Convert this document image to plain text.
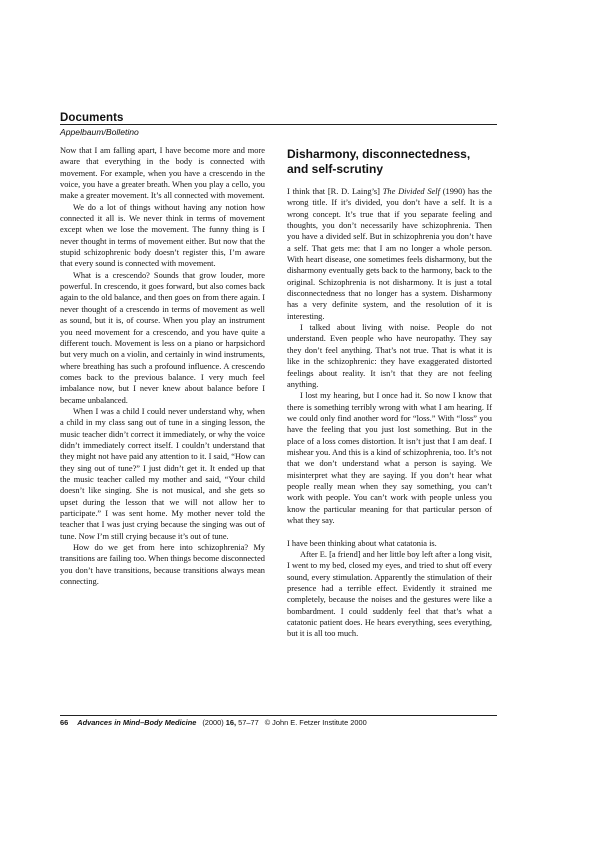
Documents
Appelbaum/Bolletino

Now that I am falling apart, I have become more and more aware that everything in the body is connected with movement. For example, when you have a crescendo in the voice, you have a greater breath. When you play a cello, you make a greater movement. It’s all connected with movement.

We do a lot of things without having any notion how connected it all is. We never think in terms of movement except when we lose the movement. The funny thing is I never thought in terms of movement either. But now that the stupid schizophrenic body doesn’t register this, I’m aware that every sound is connected with movement.

What is a crescendo? Sounds that grow louder, more powerful. In crescendo, it goes forward, but also comes back again to the old balance, and then goes on from there again. I never thought of a crescendo in terms of movement as well as sound, but it is, of course. When you play an instrument you need movement for a crescendo, and you have quite a different touch. Movement is less on a piano or harpsichord but very much on a violin, and certainly in wind instruments, where breathing has such a profound influence. A crescendo comes back to the previous balance. I very much feel imbalance now, but I never knew about balance before I became unbalanced.

When I was a child I could never understand why, when a child in my class sang out of tune in a singing lesson, the music teacher didn’t correct it immediately, or why the voice didn’t immediately correct itself. I couldn’t understand that they might not have paid any attention to it. I said, “How can they sing out of tune?” I just didn’t get it. It ended up that the music teacher called my mother and said, “Your child doesn’t like singing. She is not musical, and she gets so upset during the lesson that we will not allow her to participate.” I was sent home. My mother never told the teacher that I was just crying because the singing was out of tune. Now I’m still crying because it’s out of tune.

How do we get from here into schizophrenia? My transitions are failing too. When things become disconnected you don’t have transitions, because transitions always mean connecting.

Disharmony, disconnectedness, and self-scrutiny

I think that [R. D. Laing’s] The Divided Self (1990) has the wrong title. If it’s divided, you don’t have a self. It is a wrong concept. It’s true that if you separate feeling and thoughts, you don’t necessarily have schizophrenia. Then you have a divided self. But in schizophrenia you don’t have a self. That gets me: that I am no longer a whole person. With heart disease, one sometimes feels disharmony, but the disharmony eventually gets back to the harmony, back to the original. Schizophrenia is not disharmony. It is just a total disconnectedness that no longer has a system. Disharmony has a very definite system, and the resolution of it is interesting.

I talked about living with noise. People do not understand. Even people who have neuropathy. They say they don’t feel anything. That’s not true. That is what it is like in the schizophrenic: they have exaggerated distorted feelings about reality. It isn’t that they are not feeling anything.

I lost my hearing, but I once had it. So now I know that there is something terribly wrong with what I am hearing. If we could only find another word for “loss.” With “loss” you have the feeling that you just lost something. But in the place of a loss comes distortion. It isn’t just that I am deaf. I mishear you. And this is a kind of schizophrenia, too. It’s not that we don’t understand what a person is saying. We misinterpret what they are saying. If you don’t hear what people really mean when they say something, you can’t work with people. You can’t work with people unless you know the particular meaning for that particular person of what they say.

I have been thinking about what catatonia is.

After E. [a friend] and her little boy left after a long visit, I went to my bed, closed my eyes, and tried to shut off every sound, every stimulation. Apparently the stimulation of their presence had a terrible effect. Evidently it strained me completely, because the noises and the gestures were like a bombardment. I could suddenly feel that that’s what a catatonic patient does. He hears everything, sees everything, but it is all too much.

66 Advances in Mind–Body Medicine (2000) 16, 57–77 © John E. Fetzer Institute 2000
